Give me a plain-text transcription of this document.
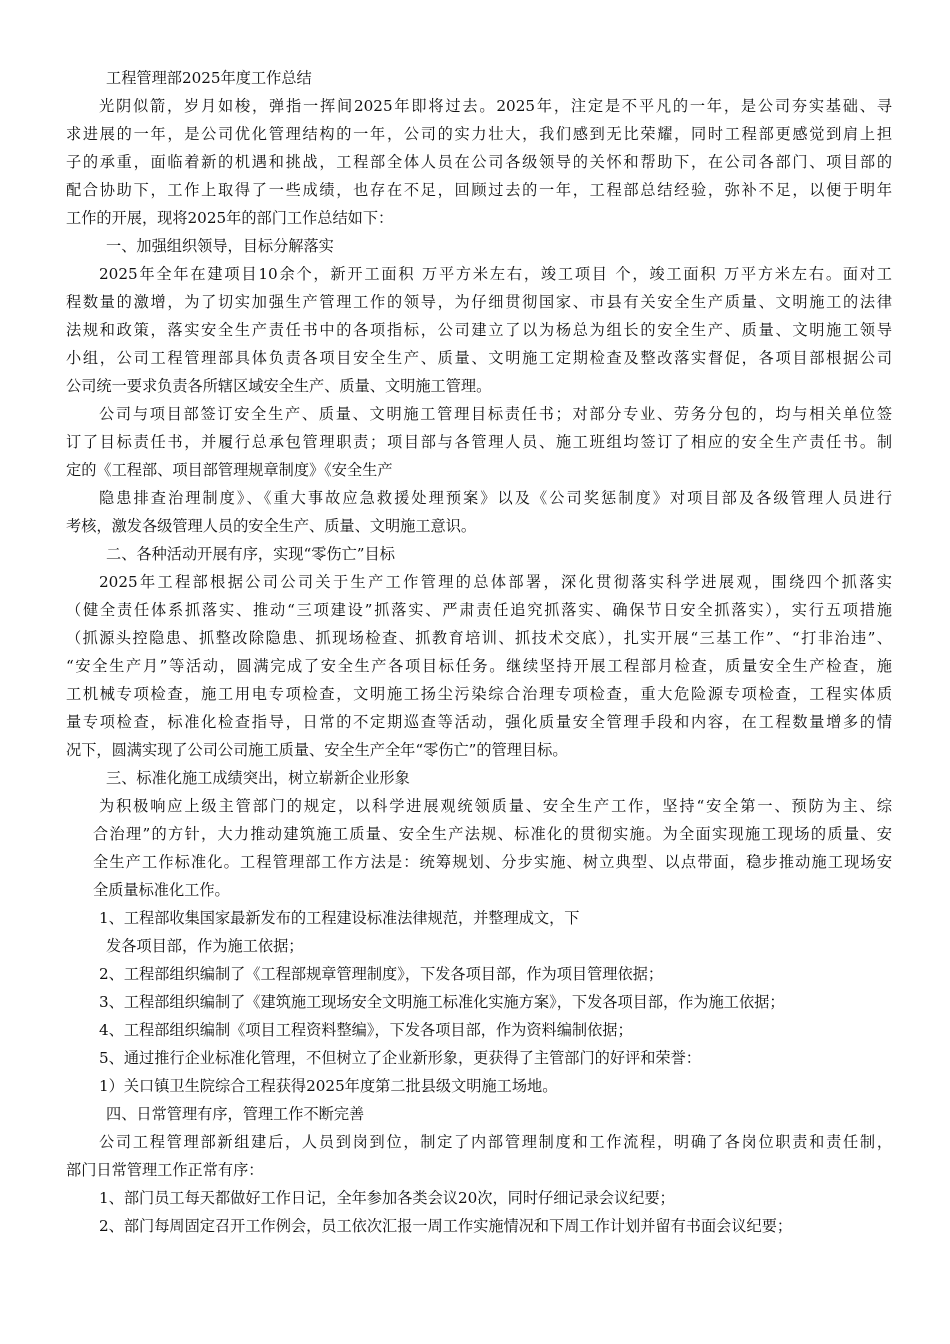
工程管理部2025年度工作总结
光阴似箭，岁月如梭，弹指一挥间2025年即将过去。2025年，注定是不平凡的一年，是公司夯实基础、寻
求进展的一年，是公司优化管理结构的一年，公司的实力壮大，我们感到无比荣耀，同时工程部更感觉到肩上担
子的承重，面临着新的机遇和挑战，工程部全体人员在公司各级领导的关怀和帮助下，在公司各部门、项目部的
配合协助下，工作上取得了一些成绩，也存在不足，回顾过去的一年，工程部总结经验，弥补不足，以便于明年
工作的开展，现将2025年的部门工作总结如下：
一、加强组织领导，目标分解落实
2025年全年在建项目10余个，新开工面积 万平方米左右，竣工项目 个，竣工面积 万平方米左右。面对工
程数量的激增，为了切实加强生产管理工作的领导，为仔细贯彻国家、市县有关安全生产质量、文明施工的法律
法规和政策，落实安全生产责任书中的各项指标，公司建立了以为杨总为组长的安全生产、质量、文明施工领导
小组，公司工程管理部具体负责各项目安全生产、质量、文明施工定期检查及整改落实督促，各项目部根据公司
公司统一要求负责各所辖区域安全生产、质量、文明施工管理。
公司与项目部签订安全生产、质量、文明施工管理目标责任书；对部分专业、劳务分包的，均与相关单位签
订了目标责任书，并履行总承包管理职责；项目部与各管理人员、施工班组均签订了相应的安全生产责任书。制
定的《工程部、项目部管理规章制度》《安全生产
隐患排查治理制度》、《重大事故应急救援处理预案》以及《公司奖惩制度》对项目部及各级管理人员进行
考核，激发各级管理人员的安全生产、质量、文明施工意识。
二、各种活动开展有序，实现“零伤亡”目标
2025年工程部根据公司公司关于生产工作管理的总体部署，深化贯彻落实科学进展观，围绕四个抓落实
（健全责任体系抓落实、推动“三项建设”抓落实、严肃责任追究抓落实、确保节日安全抓落实），实行五项措施
（抓源头控隐患、抓整改除隐患、抓现场检查、抓教育培训、抓技术交底），扎实开展“三基工作”、“打非治违”、
“安全生产月”等活动，圆满完成了安全生产各项目标任务。继续坚持开展工程部月检查，质量安全生产检查，施
工机械专项检查，施工用电专项检查，文明施工扬尘污染综合治理专项检查，重大危险源专项检查，工程实体质
量专项检查，标准化检查指导，日常的不定期巡查等活动，强化质量安全管理手段和内容，在工程数量增多的情
况下，圆满实现了公司公司施工质量、安全生产全年“零伤亡”的管理目标。
三、标准化施工成绩突出，树立崭新企业形象
为积极响应上级主管部门的规定，以科学进展观统领质量、安全生产工作，坚持“安全第一、预防为主、综
合治理”的方针，大力推动建筑施工质量、安全生产法规、标准化的贯彻实施。为全面实现施工现场的质量、安
全生产工作标准化。工程管理部工作方法是：统筹规划、分步实施、树立典型、以点带面，稳步推动施工现场安
全质量标准化工作。
1、工程部收集国家最新发布的工程建设标准法律规范，并整理成文，下
发各项目部，作为施工依据；
2、工程部组织编制了《工程部规章管理制度》，下发各项目部，作为项目管理依据；
3、工程部组织编制了《建筑施工现场安全文明施工标准化实施方案》，下发各项目部，作为施工依据；
4、工程部组织编制《项目工程资料整编》，下发各项目部，作为资料编制依据；
5、通过推行企业标准化管理，不但树立了企业新形象，更获得了主管部门的好评和荣誉：
1）关口镇卫生院综合工程获得2025年度第二批县级文明施工场地。
四、日常管理有序，管理工作不断完善
公司工程管理部新组建后，人员到岗到位，制定了内部管理制度和工作流程，明确了各岗位职责和责任制，
部门日常管理工作正常有序：
1、部门员工每天都做好工作日记，全年参加各类会议20次，同时仔细记录会议纪要；
2、部门每周固定召开工作例会，员工依次汇报一周工作实施情况和下周工作计划并留有书面会议纪要；
